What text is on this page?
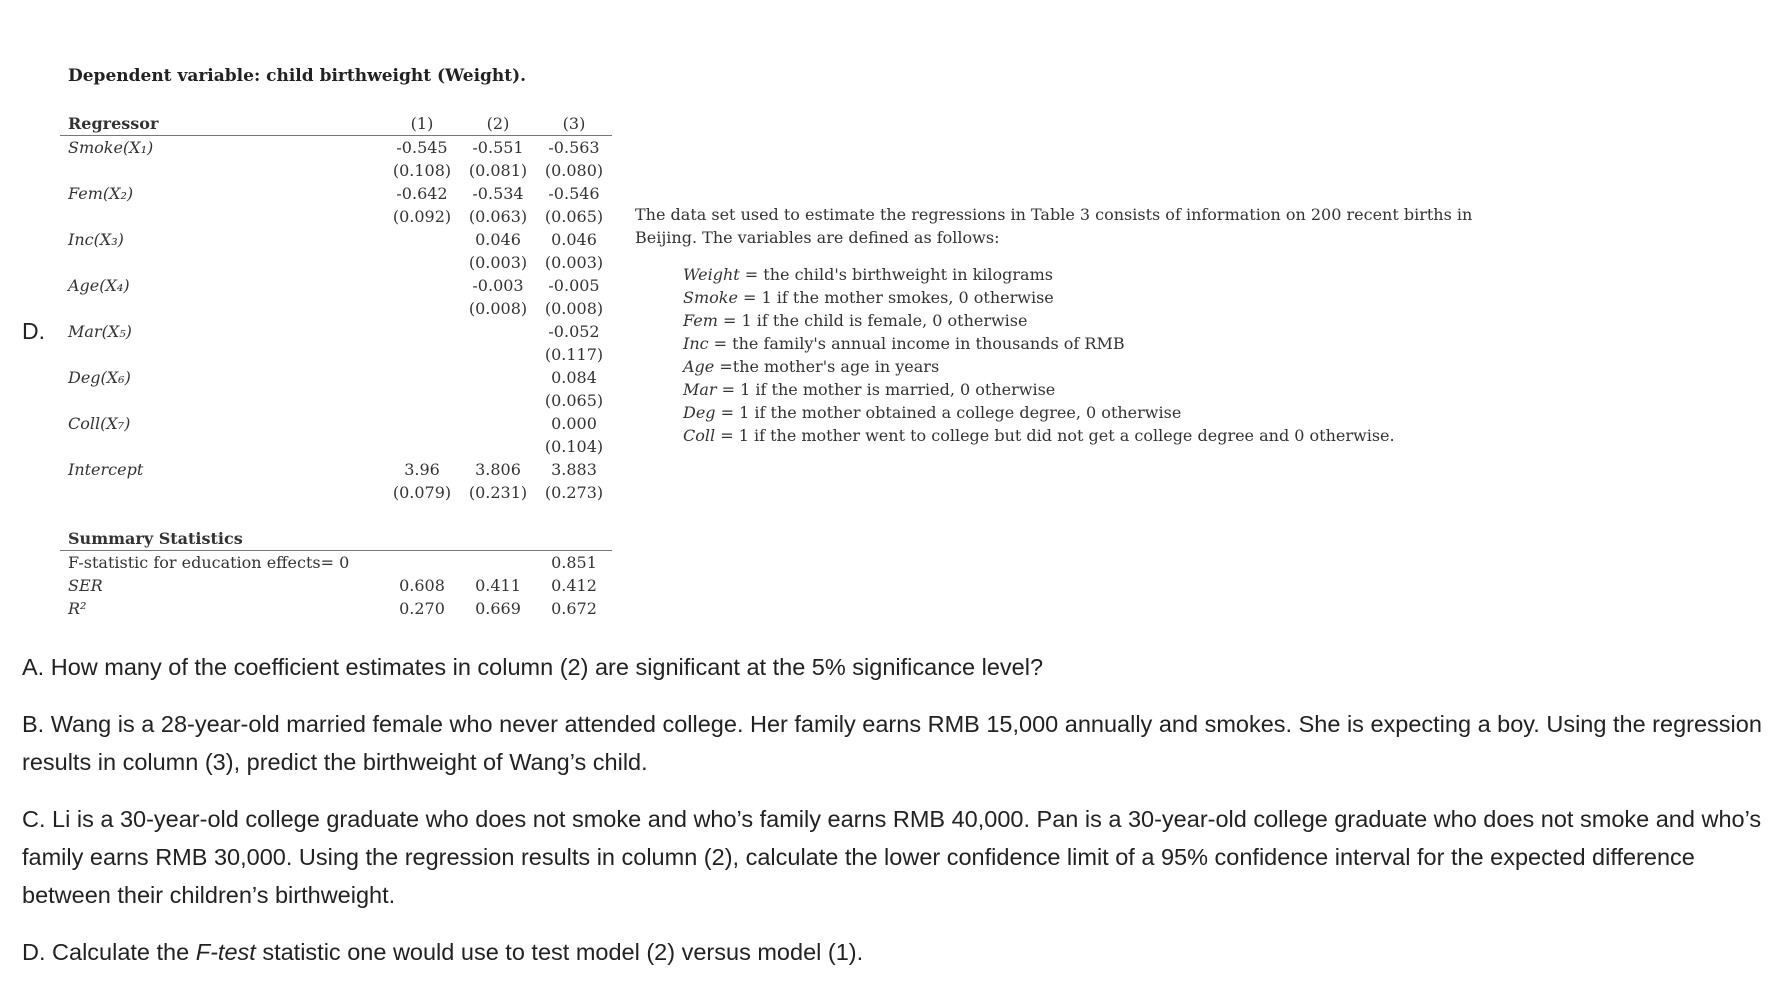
D.
Dependent variable: child birthweight (Weight).
Regressor	(1)	(2)	(3)
Smoke(X₁)	-0.545	-0.551	-0.563
	(0.108)	(0.081)	(0.080)
Fem(X₂)	-0.642	-0.534	-0.546
	(0.092)	(0.063)	(0.065)
Inc(X₃)		0.046	0.046
		(0.003)	(0.003)
Age(X₄)		-0.003	-0.005
		(0.008)	(0.008)
Mar(X₅)			-0.052
			(0.117)
Deg(X₆)			0.084
			(0.065)
Coll(X₇)			0.000
			(0.104)
Intercept	3.96	3.806	3.883
	(0.079)	(0.231)	(0.273)
Summary Statistics			
F-statistic for education effects= 0			0.851
SER	0.608	0.411	0.412
R²	0.270	0.669	0.672
The data set used to estimate the regressions in Table 3 consists of information on 200 recent births in Beijing. The variables are defined as follows:
Weight = the child's birthweight in kilograms
Smoke = 1 if the mother smokes, 0 otherwise
Fem = 1 if the child is female, 0 otherwise
Inc = the family's annual income in thousands of RMB
Age =the mother's age in years
Mar = 1 if the mother is married, 0 otherwise
Deg = 1 if the mother obtained a college degree, 0 otherwise
Coll = 1 if the mother went to college but did not get a college degree and 0 otherwise.

A. How many of the coefficient estimates in column (2) are significant at the 5% significance level?

B. Wang is a 28-year-old married female who never attended college. Her family earns RMB 15,000 annually and smokes. She is expecting a boy. Using the regression results in column (3), predict the birthweight of Wang’s child.

C. Li is a 30-year-old college graduate who does not smoke and who’s family earns RMB 40,000. Pan is a 30-year-old college graduate who does not smoke and who’s family earns RMB 30,000. Using the regression results in column (2), calculate the lower confidence limit of a 95% confidence interval for the expected difference between their children’s birthweight.

D. Calculate the F-test statistic one would use to test model (2) versus model (1).
